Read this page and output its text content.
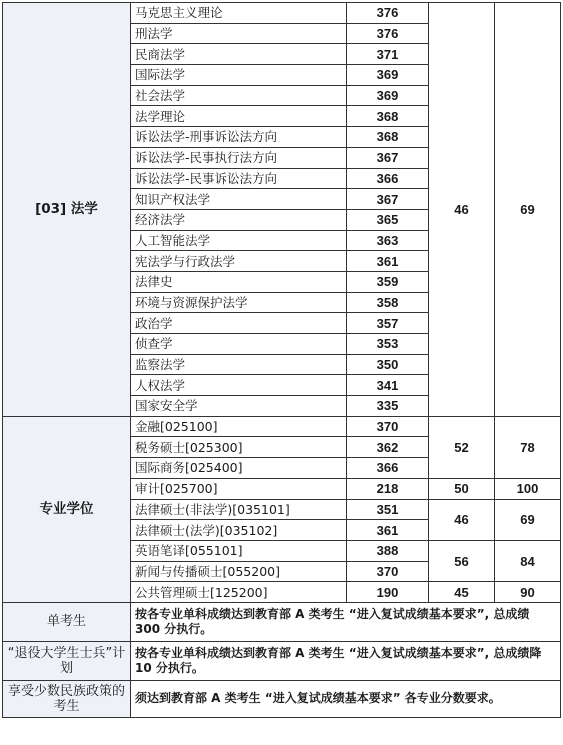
[03] 法学	马克思主义理论	376	46	69
	刑法学	376		
	民商法学	371		
	国际法学	369		
	社会法学	369		
	法学理论	368		
	诉讼法学-刑事诉讼法方向	368		
	诉讼法学-民事执行法方向	367		
	诉讼法学-民事诉讼法方向	366		
	知识产权法学	367		
	经济法学	365		
	人工智能法学	363		
	宪法学与行政法学	361		
	法律史	359		
	环境与资源保护法学	358		
	政治学	357		
	侦查学	353		
	监察法学	350		
	人权法学	341		
	国家安全学	335		
专业学位	金融[025100]	370	52	78
	税务硕士[025300]	362		
	国际商务[025400]	366		
	审计[025700]	218	50	100
	法律硕士(非法学)[035101]	351	46	69
	法律硕士(法学)[035102]	361		
	英语笔译[055101]	388	56	84
	新闻与传播硕士[055200]	370		
	公共管理硕士[125200]	190	45	90
单考生	按各专业单科成绩达到教育部 A 类考生 “进入复试成绩基本要求”, 总成绩 300 分执行。			
“退役大学生士兵”计划	按各专业单科成绩达到教育部 A 类考生 “进入复试成绩基本要求”, 总成绩降 10 分执行。			
享受少数民族政策的考生	须达到教育部 A 类考生 “进入复试成绩基本要求” 各专业分数要求。			
